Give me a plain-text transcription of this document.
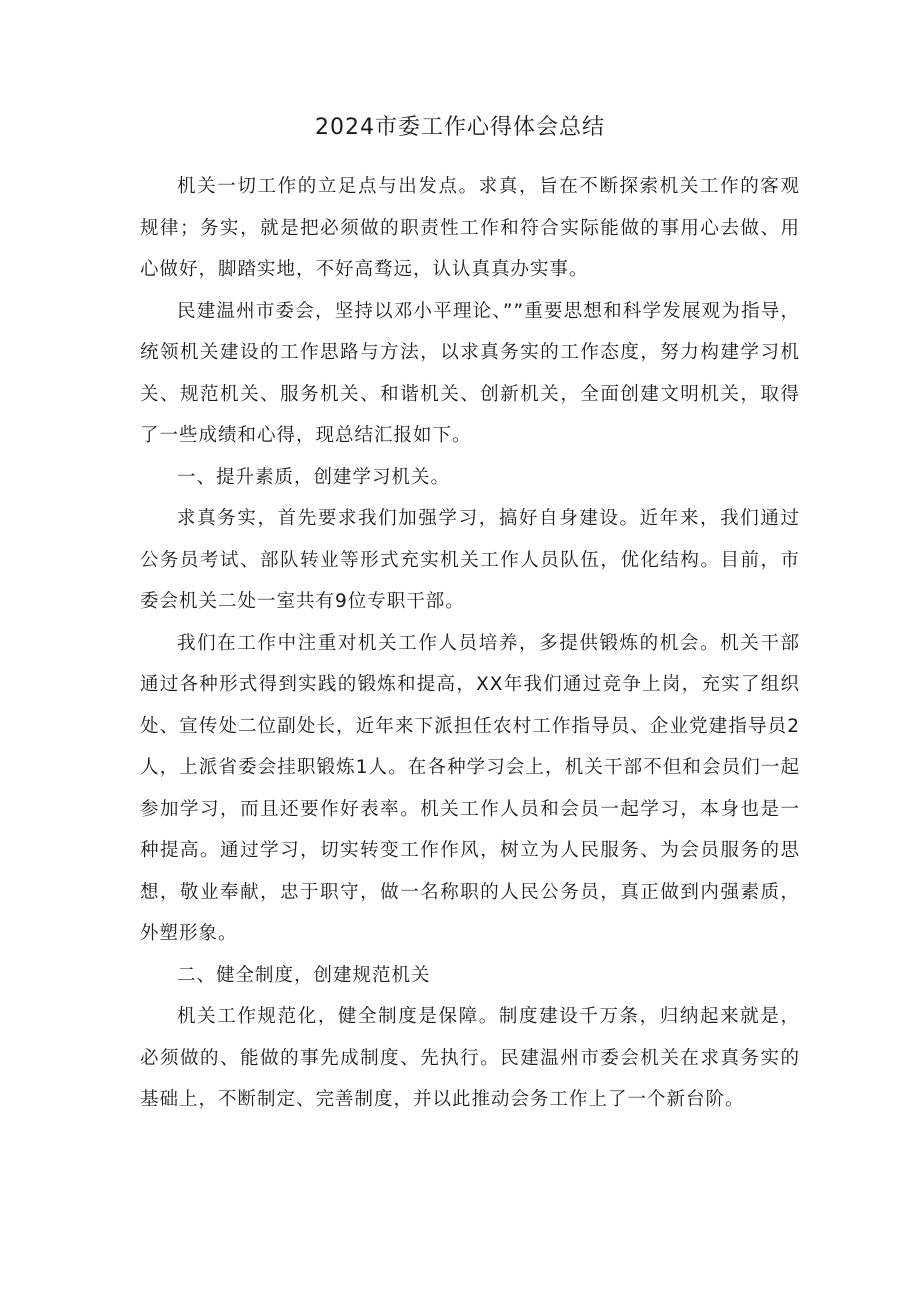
2024市委工作心得体会总结

机关一切工作的立足点与出发点。求真，旨在不断探索机关工作的客观规律；务实，就是把必须做的职责性工作和符合实际能做的事用心去做、用心做好，脚踏实地，不好高骛远，认认真真办实事。

民建温州市委会，坚持以邓小平理论、””重要思想和科学发展观为指导，统领机关建设的工作思路与方法，以求真务实的工作态度，努力构建学习机关、规范机关、服务机关、和谐机关、创新机关，全面创建文明机关，取得了一些成绩和心得，现总结汇报如下。

一、提升素质，创建学习机关。

求真务实，首先要求我们加强学习，搞好自身建设。近年来，我们通过公务员考试、部队转业等形式充实机关工作人员队伍，优化结构。目前，市委会机关二处一室共有9位专职干部。

我们在工作中注重对机关工作人员培养，多提供锻炼的机会。机关干部通过各种形式得到实践的锻炼和提高，XX年我们通过竞争上岗，充实了组织处、宣传处二位副处长，近年来下派担任农村工作指导员、企业党建指导员2人，上派省委会挂职锻炼1人。在各种学习会上，机关干部不但和会员们一起参加学习，而且还要作好表率。机关工作人员和会员一起学习，本身也是一种提高。通过学习，切实转变工作作风，树立为人民服务、为会员服务的思想，敬业奉献，忠于职守，做一名称职的人民公务员，真正做到内强素质，外塑形象。

二、健全制度，创建规范机关

机关工作规范化，健全制度是保障。制度建设千万条，归纳起来就是，必须做的、能做的事先成制度、先执行。民建温州市委会机关在求真务实的基础上，不断制定、完善制度，并以此推动会务工作上了一个新台阶。
